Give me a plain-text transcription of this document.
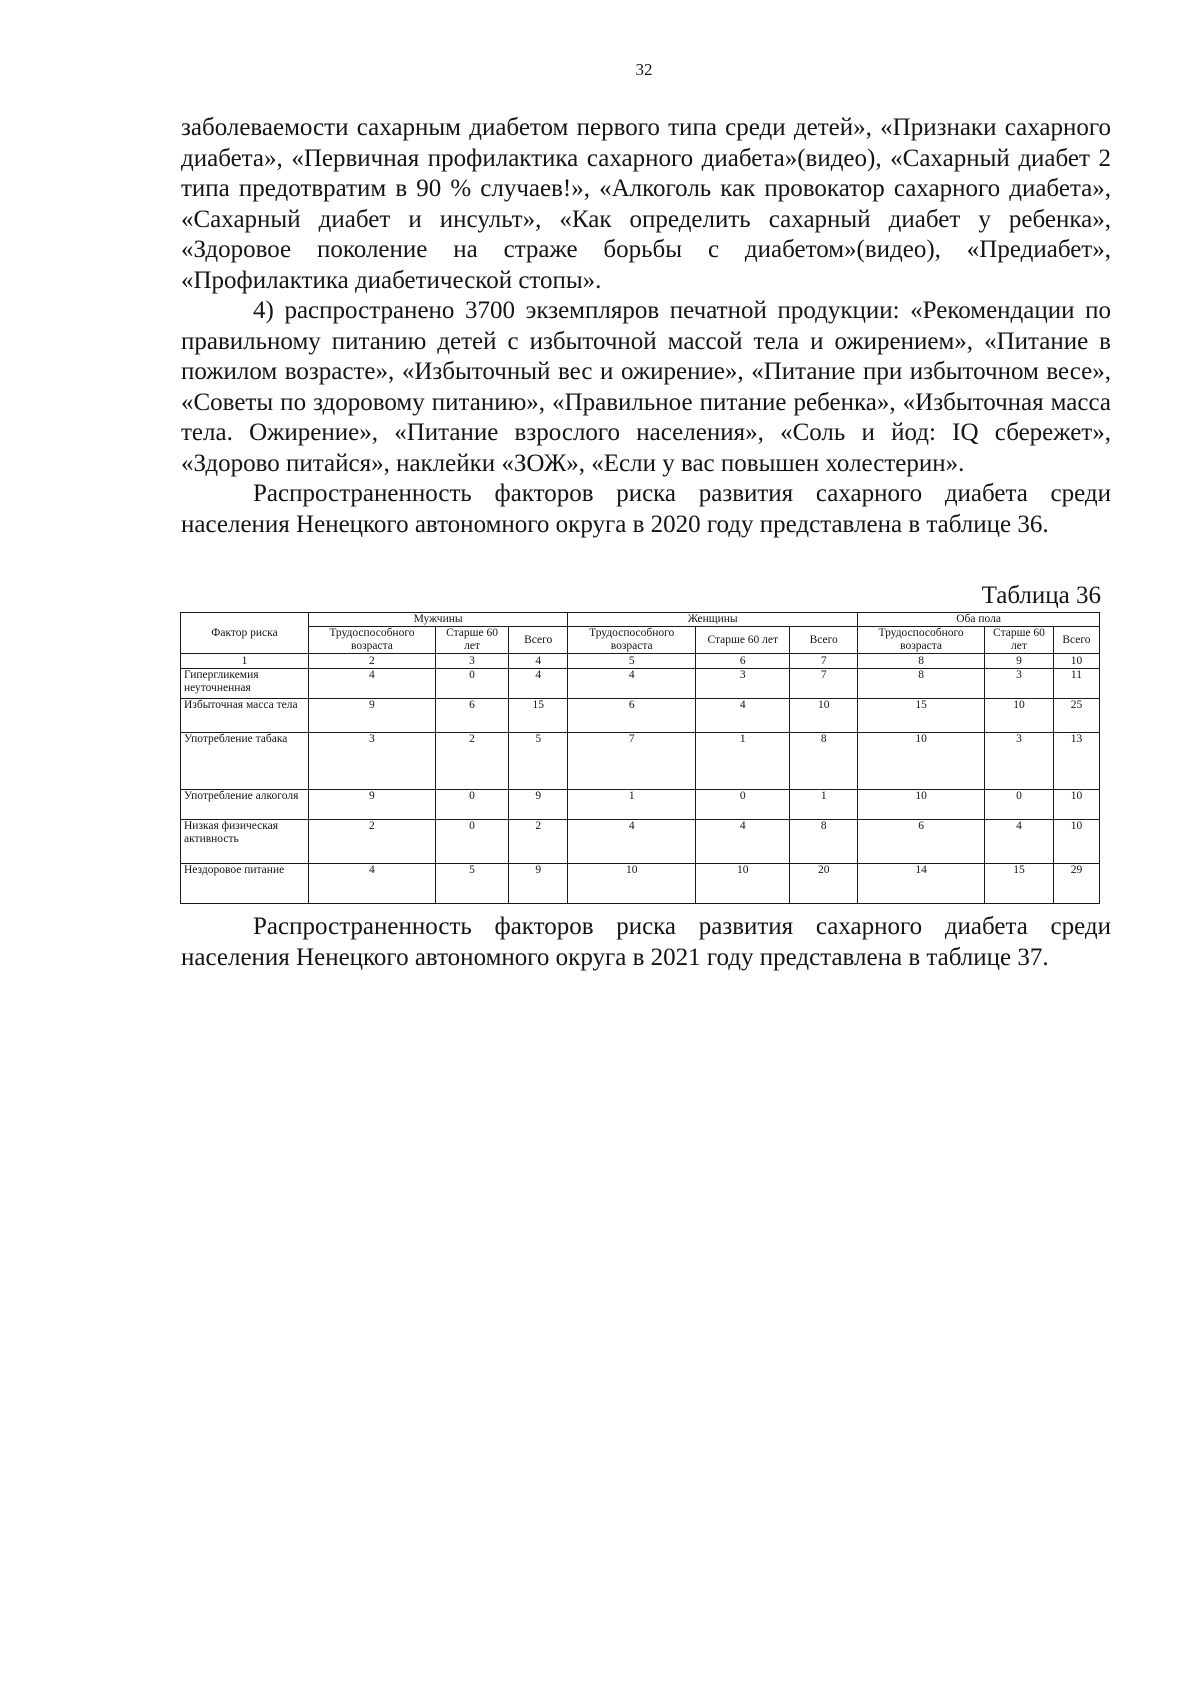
32

заболеваемости сахарным диабетом первого типа среди детей», «Признаки сахарного диабета», «Первичная профилактика сахарного диабета»(видео), «Сахарный диабет 2 типа предотвратим в 90 % случаев!», «Алкоголь как провокатор сахарного диабета», «Сахарный диабет и инсульт», «Как определить сахарный диабет у ребенка», «Здоровое поколение на страже борьбы с диабетом»(видео), «Предиабет», «Профилактика диабетической стопы».

4) распространено 3700 экземпляров печатной продукции: «Рекомендации по правильному питанию детей с избыточной массой тела и ожирением», «Питание в пожилом возрасте», «Избыточный вес и ожирение», «Питание при избыточном весе», «Советы по здоровому питанию», «Правильное питание ребенка», «Избыточная масса тела. Ожирение», «Питание взрослого населения», «Соль и йод: IQ сбережет», «Здорово питайся», наклейки «ЗОЖ», «Если у вас повышен холестерин».

Распространенность факторов риска развития сахарного диабета среди населения Ненецкого автономного округа в 2020 году представлена в таблице 36.

Таблица 36
Фактор риска	Мужчины			Женщины			Оба пола		
	Трудоспособного возраста	Старше 60 лет	Всего	Трудоспособного возраста	Старше 60 лет	Всего	Трудоспособного возраста	Старше 60 лет	Всего
1	2	3	4	5	6	7	8	9	10
Гипергликемия неуточненная	4	0	4	4	3	7	8	3	11
Избыточная масса тела	9	6	15	6	4	10	15	10	25
Употребление табака	3	2	5	7	1	8	10	3	13
Употребление алкоголя	9	0	9	1	0	1	10	0	10
Низкая физическая активность	2	0	2	4	4	8	6	4	10
Нездоровое питание	4	5	9	10	10	20	14	15	29

Распространенность факторов риска развития сахарного диабета среди населения Ненецкого автономного округа в 2021 году представлена в таблице 37.
